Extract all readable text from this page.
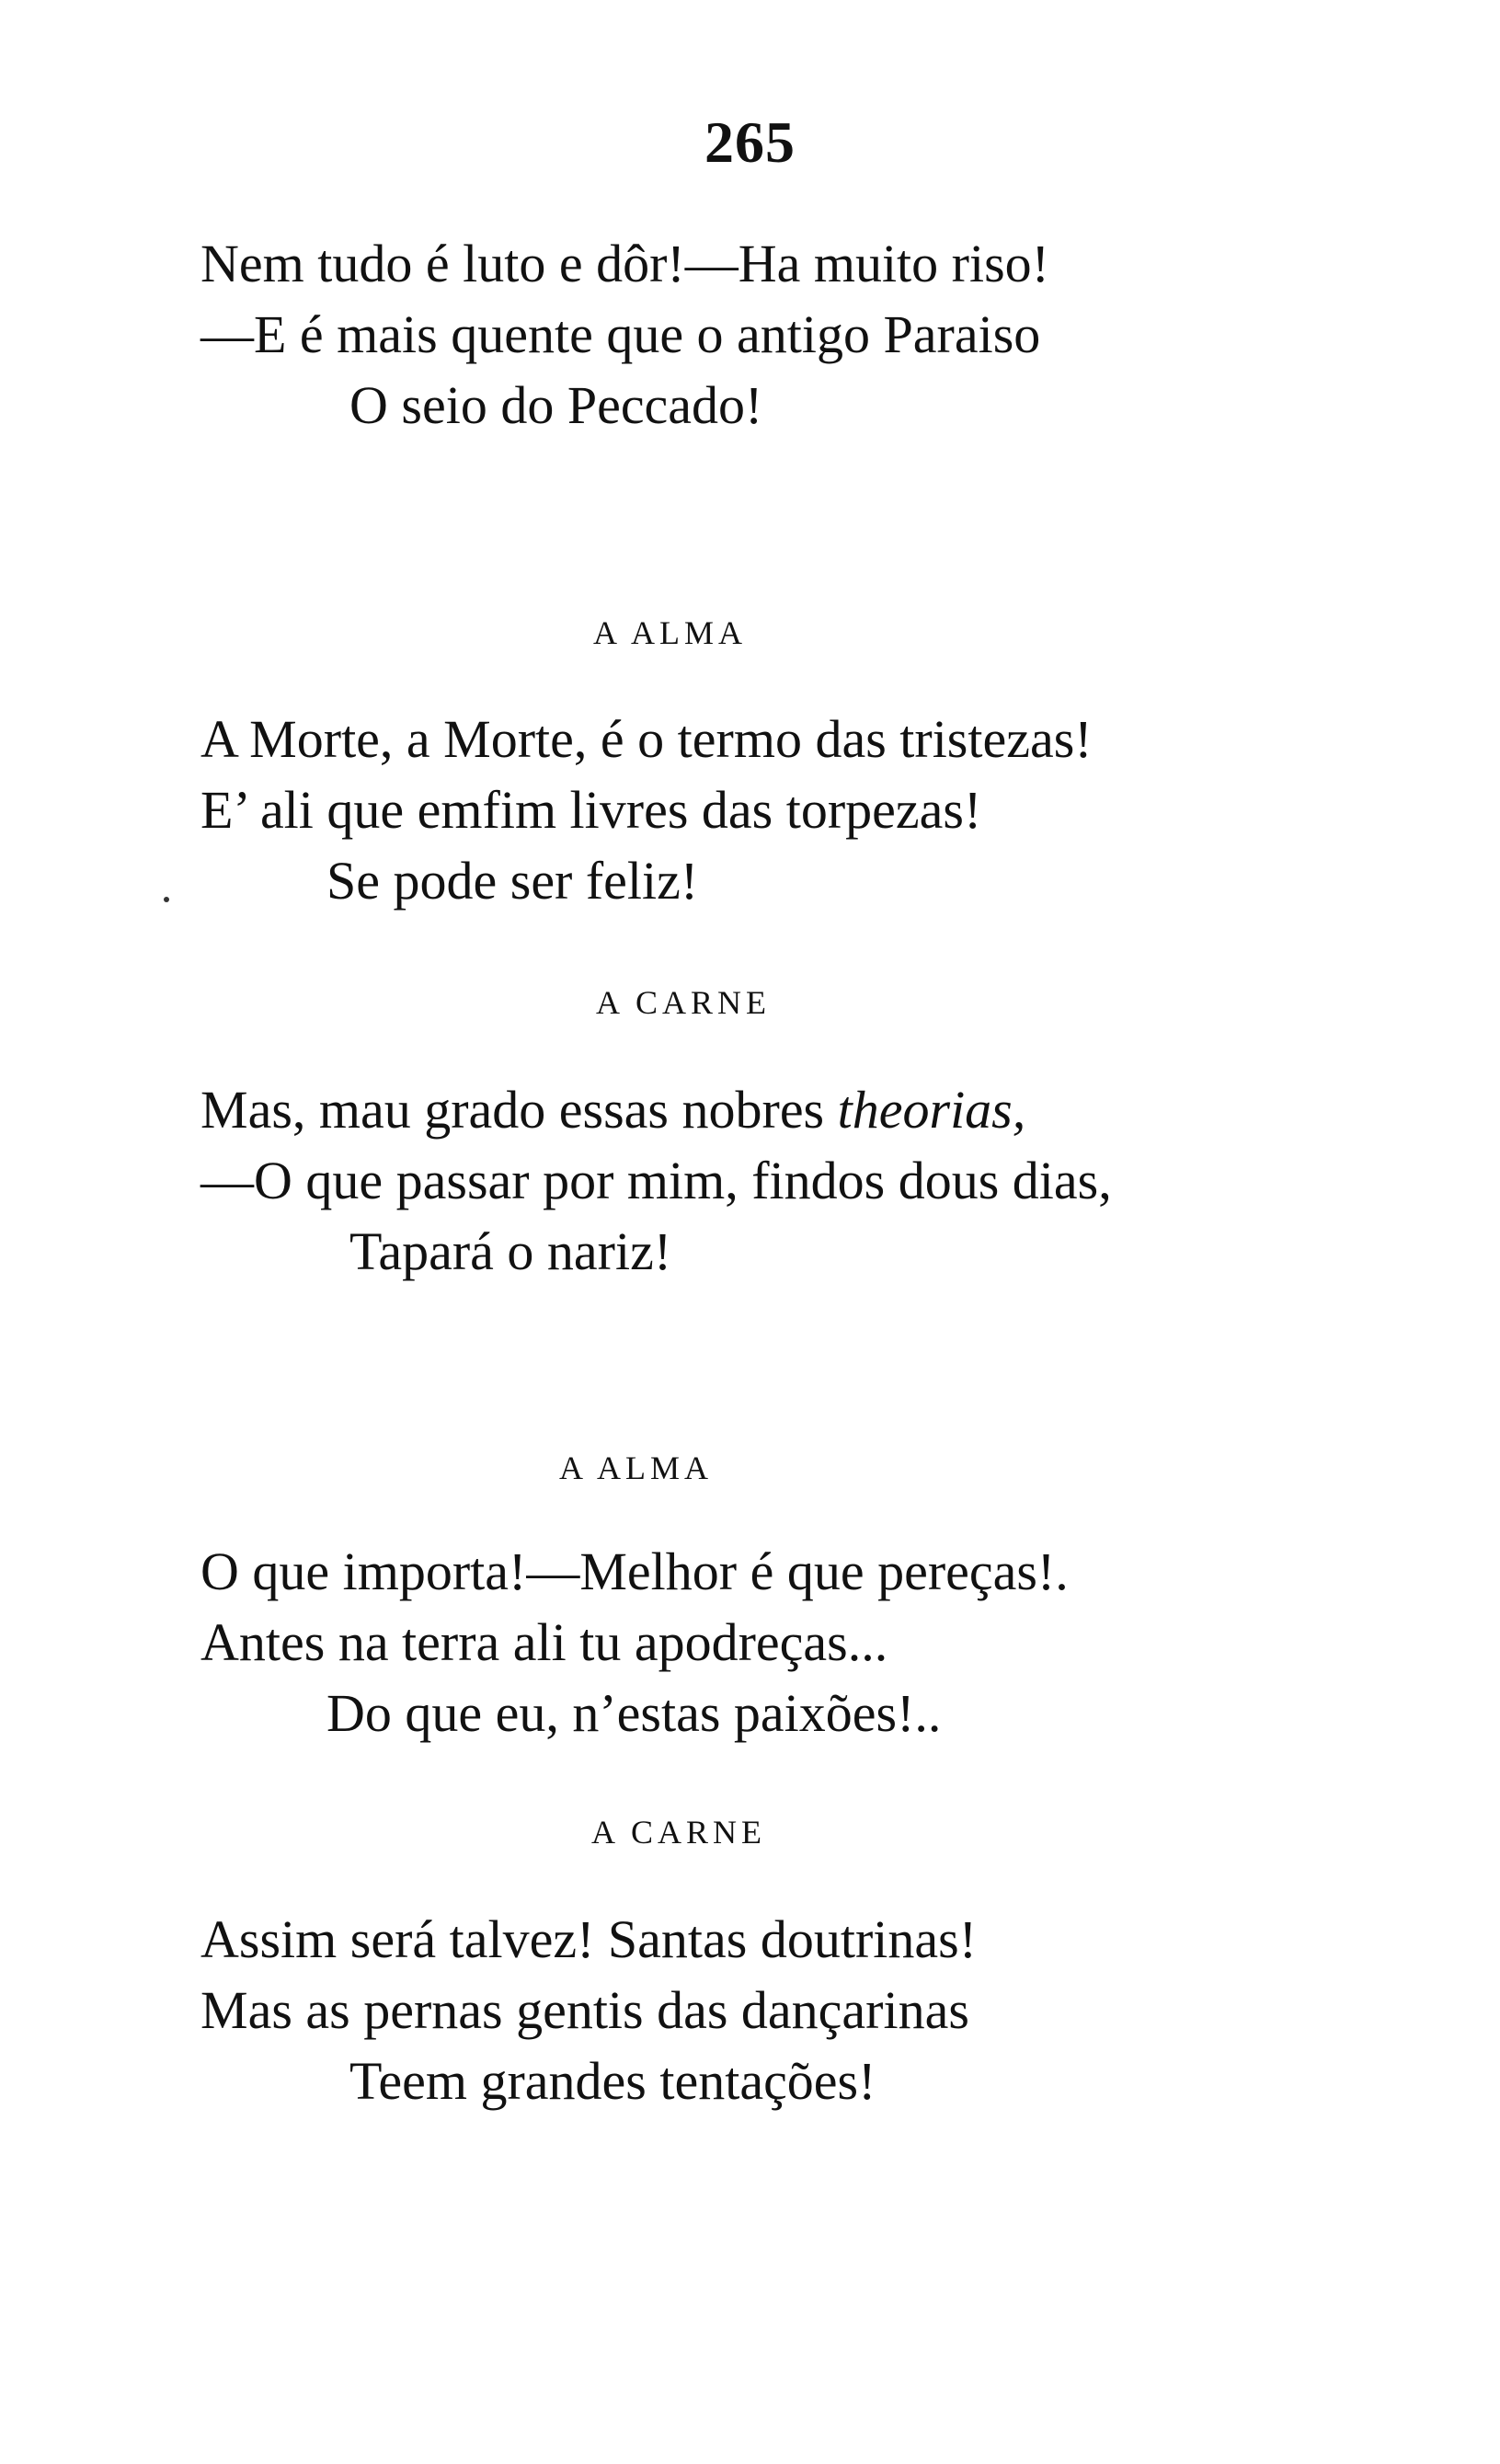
265
Nem tudo é luto e dôr!—Ha muito riso!
—E é mais quente que o antigo Paraiso
O seio do Peccado!
A ALMA
A Morte, a Morte, é o termo das tristezas!
E’ ali que emfim livres das torpezas!
Se pode ser feliz!
A CARNE
Mas, mau grado essas nobres theorias,
—O que passar por mim, findos dous dias,
Tapará o nariz!
A ALMA
O que importa!—Melhor é que pereças!.
Antes na terra ali tu apodreças...
Do que eu, n’estas paixões!..
A CARNE
Assim será talvez! Santas doutrinas!
Mas as pernas gentis das dançarinas
Teem grandes tentações!
